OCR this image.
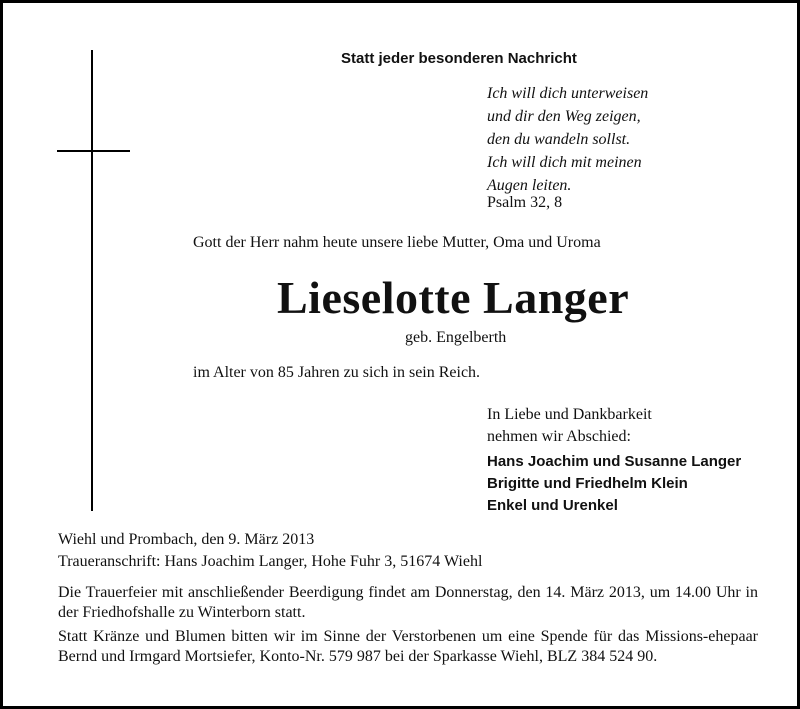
Statt jeder besonderen Nachricht
Ich will dich unterweisen
und dir den Weg zeigen,
den du wandeln sollst.
Ich will dich mit meinen
Augen leiten.
Psalm 32, 8
Gott der Herr nahm heute unsere liebe Mutter, Oma und Uroma
Lieselotte Langer
geb. Engelberth
im Alter von 85 Jahren zu sich in sein Reich.
In Liebe und Dankbarkeit
nehmen wir Abschied:
Hans Joachim und Susanne Langer
Brigitte und Friedhelm Klein
Enkel und Urenkel
Wiehl und Prombach, den 9. März 2013
Traueranschrift: Hans Joachim Langer, Hohe Fuhr 3, 51674 Wiehl
Die Trauerfeier mit anschließender Beerdigung findet am Donnerstag, den 14. März 2013, um 14.00 Uhr in der Friedhofshalle zu Winterborn statt.
Statt Kränze und Blumen bitten wir im Sinne der Verstorbenen um eine Spende für das Missions-ehepaar Bernd und Irmgard Mortsiefer, Konto-Nr. 579 987 bei der Sparkasse Wiehl, BLZ 384 524 90.
